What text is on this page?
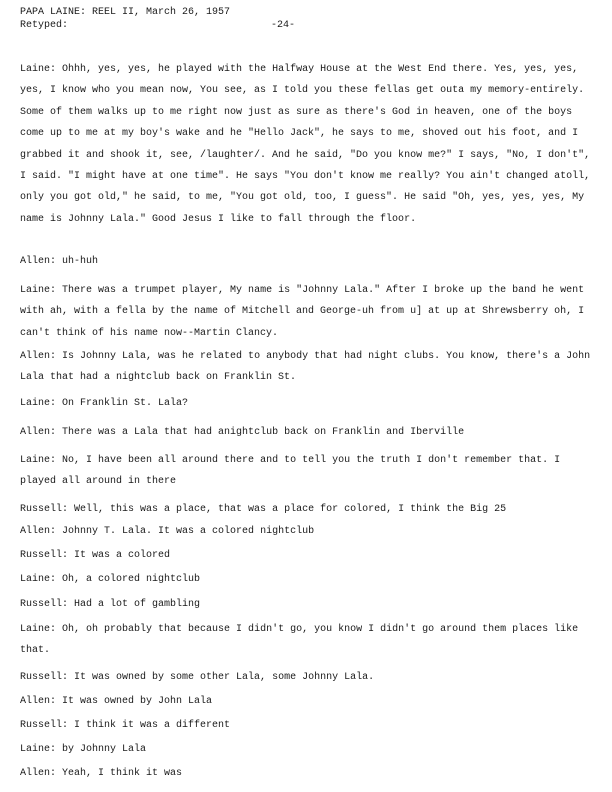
PAPA LAINE: REEL II, March 26, 1957
Retyped:	-24-
Laine : Ohhh, yes, yes, he played with the Halfway House at the West End there. Yes, yes, yes, yes, I know who you mean now, You see, as I told you these fellas get outa my memory-entirely. Some of them walks up to me right now just as sure as there's God in heaven, one of the boys come up to me at my boy's wake and he "Hello Jack", he says to me, shoved out his foot, and I grabbed it and shook it, see, /laughter/. And he said, "Do you know me?" I says, "No, I don't", I said. "I might have at one time". He says "You don't know me really? You ain't changed atoll, only you got old," he said, to me, "You got old, too, I guess". He said "Oh, yes, yes, yes, My name is Johnny Lala." Good Jesus I like to fall through the floor.
Allen : uh-huh
Laine : There was a trumpet player, My name is "Johnny Lala." After I broke up the band he went with ah, with a fella by the name of Mitchell and George-uh from u] at up at Shrewsberry oh, I can't think of his name now--Martin Clancy.
Allen : Is Johnny Lala, was he related to anybody that had night clubs. You know, there's a John Lala that had a nightclub back on Franklin St.
Laine : On Franklin St. Lala?
Allen : There was a Lala that had anightclub back on Franklin and Iberville
Laine : No, I have been all around there and to tell you the truth I don't remember that. I played all around in there
Russell : Well, this was a place, that was a place for colored, I think the Big 25
Allen : Johnny T. Lala. It was a colored nightclub
Russell : It was a colored
Laine : Oh, a colored nightclub
Russell : Had a lot of gambling
Laine : Oh, oh probably that because I didn't go, you know I didn't go around them places like that.
Russell : It was owned by some other Lala, some Johnny Lala.
Allen : It was owned by John Lala
Russell : I think it was a different
Laine : by Johnny Lala
Allen : Yeah, I think it was
